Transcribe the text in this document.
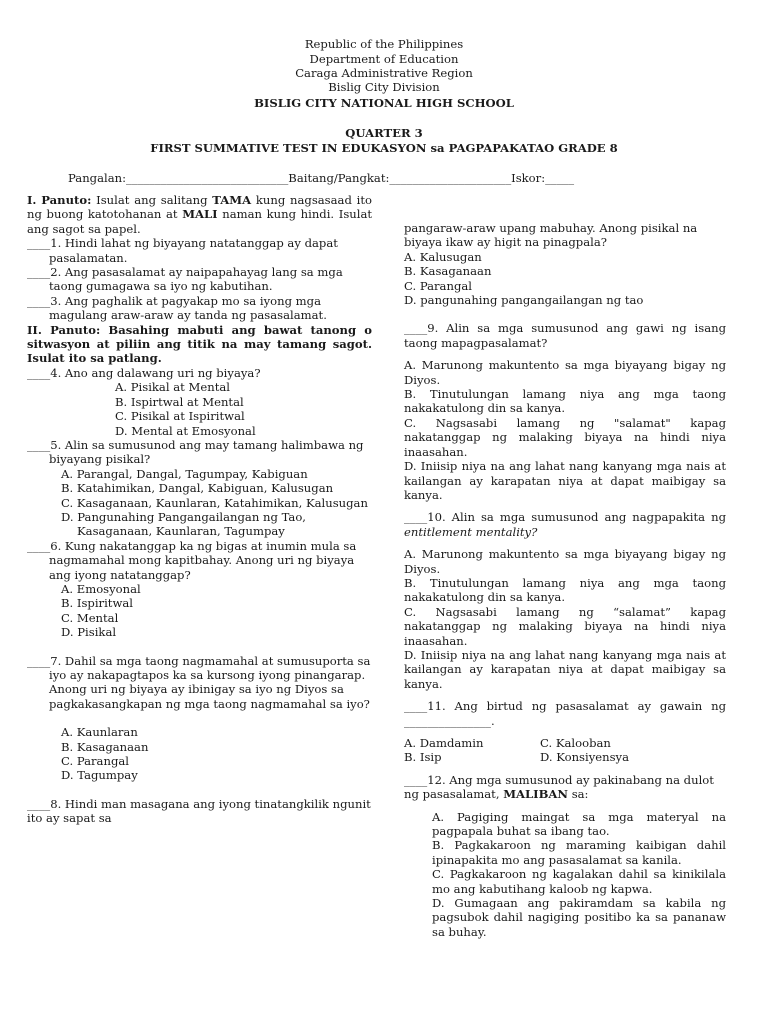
Republic of the Philippines
Department of Education
Caraga Administrative Region
Bislig City Division
BISLIG CITY NATIONAL HIGH SCHOOL
QUARTER 3
FIRST SUMMATIVE TEST IN EDUKASYON sa PAGPAPAKATAO GRADE 8
Pangalan:____________________________Baitang/Pangkat:_____________________Iskor:_____
I. Panuto: Isulat ang salitang TAMA kung nagsasaad ito ng buong katotohanan at MALI naman kung hindi. Isulat ang sagot sa papel.
____1. Hindi lahat ng biyayang natatanggap ay dapat pasalamatan.
____2. Ang pasasalamat ay naipapahayag lang sa mga taong gumagawa sa iyo ng kabutihan.
____3. Ang paghalik at pagyakap mo sa iyong mga magulang araw-araw ay tanda ng pasasalamat.
II. Panuto: Basahing mabuti ang bawat tanong o sitwasyon at piliin ang titik na may tamang sagot. Isulat ito sa patlang.
____4. Ano ang dalawang uri ng biyaya?
A. Pisikal at Mental
B. Ispirtwal at Mental
C. Pisikal at Ispiritwal
D. Mental at Emosyonal
____5. Alin sa sumusunod ang may tamang halimbawa ng biyayang pisikal?
A. Parangal, Dangal, Tagumpay, Kabiguan
B. Katahimikan, Dangal, Kabiguan, Kalusugan
C. Kasaganaan, Kaunlaran, Katahimikan, Kalusugan
D. Pangunahing Pangangailangan ng Tao, Kasaganaan, Kaunlaran, Tagumpay
____6. Kung nakatanggap ka ng bigas at inumin mula sa nagmamahal mong kapitbahay. Anong uri ng biyaya ang iyong natatanggap?
A. Emosyonal
B. Ispiritwal
C. Mental
D. Pisikal
____7. Dahil sa mga taong nagmamahal at sumusuporta sa iyo ay nakapagtapos ka sa kursong iyong pinangarap. Anong uri ng biyaya ay ibinigay sa iyo ng Diyos sa pagkakasangkapan ng mga taong nagmamahal sa iyo?
A. Kaunlaran
B. Kasaganaan
C. Parangal
D. Tagumpay
____8. Hindi man masagana ang iyong tinatangkilik ngunit ito ay sapat sa
pangaraw-araw upang mabuhay. Anong pisikal na biyaya ikaw ay higit na pinagpala?
A. Kalusugan
B. Kasaganaan
C. Parangal
D. pangunahing pangangailangan ng tao
____9. Alin sa mga sumusunod ang gawi ng isang taong mapagpasalamat?
A. Marunong makuntento sa mga biyayang bigay ng Diyos.
B. Tinutulungan lamang niya ang mga taong nakakatulong din sa kanya.
C. Nagsasabi lamang ng "salamat" kapag nakatanggap ng malaking biyaya na hindi niya inaasahan.
D. Iniisip niya na ang lahat nang kanyang mga nais at kailangan ay karapatan niya at dapat maibigay sa kanya.
____10. Alin sa mga sumusunod ang nagpapakita ng entitlement mentality?
A. Marunong makuntento sa mga biyayang bigay ng Diyos.
B. Tinutulungan lamang niya ang mga taong nakakatulong din sa kanya.
C. Nagsasabi lamang ng “salamat” kapag nakatanggap ng malaking biyaya na hindi niya inaasahan.
D. Iniisip niya na ang lahat nang kanyang mga nais at kailangan ay karapatan niya at dapat maibigay sa kanya.
____11. Ang birtud ng pasasalamat ay gawain ng _______________.
A. Damdamin	C. Kalooban
B. Isip	D. Konsiyensya
____12. Ang mga sumusunod ay pakinabang na dulot ng pasasalamat, MALIBAN sa:
A. Pagiging maingat sa mga materyal na pagpapala buhat sa ibang tao.
B. Pagkakaroon ng maraming kaibigan dahil ipinapakita mo ang pasasalamat sa kanila.
C. Pagkakaroon ng kagalakan dahil sa kinikilala mo ang kabutihang kaloob ng kapwa.
D. Gumagaan ang pakiramdam sa kabila ng pagsubok dahil nagiging positibo ka sa pananaw sa buhay.
